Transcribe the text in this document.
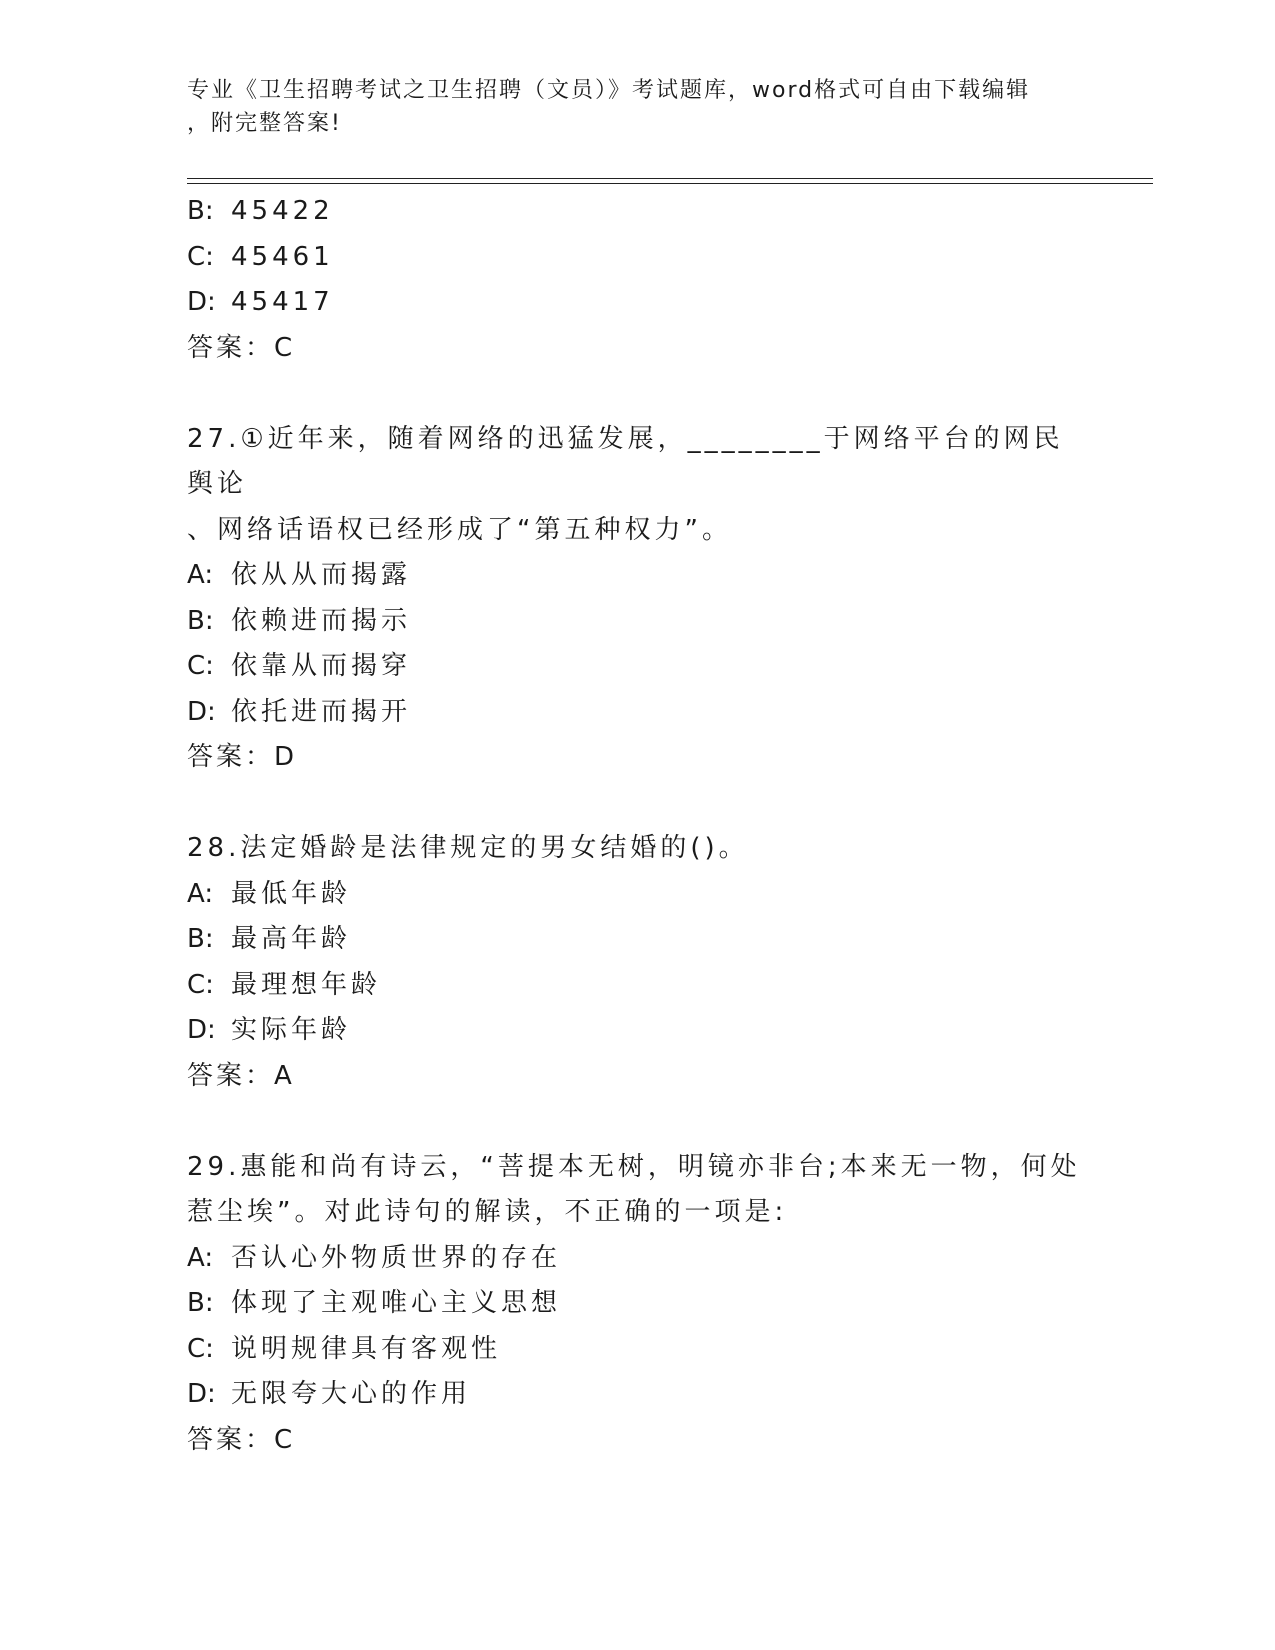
专业《卫生招聘考试之卫生招聘（文员）》考试题库，word格式可自由下载编辑
，附完整答案!
B: 45422
C: 45461
D: 45417
答案：C
27.①近年来，随着网络的迅猛发展，________于网络平台的网民舆论
、网络话语权已经形成了“第五种权力”。
A: 依从从而揭露
B: 依赖进而揭示
C: 依靠从而揭穿
D: 依托进而揭开
答案：D
28.法定婚龄是法律规定的男女结婚的()。
A: 最低年龄
B: 最高年龄
C: 最理想年龄
D: 实际年龄
答案：A
29.惠能和尚有诗云，“菩提本无树，明镜亦非台;本来无一物，何处
惹尘埃”。对此诗句的解读，不正确的一项是:
A: 否认心外物质世界的存在
B: 体现了主观唯心主义思想
C: 说明规律具有客观性
D: 无限夸大心的作用
答案：C
